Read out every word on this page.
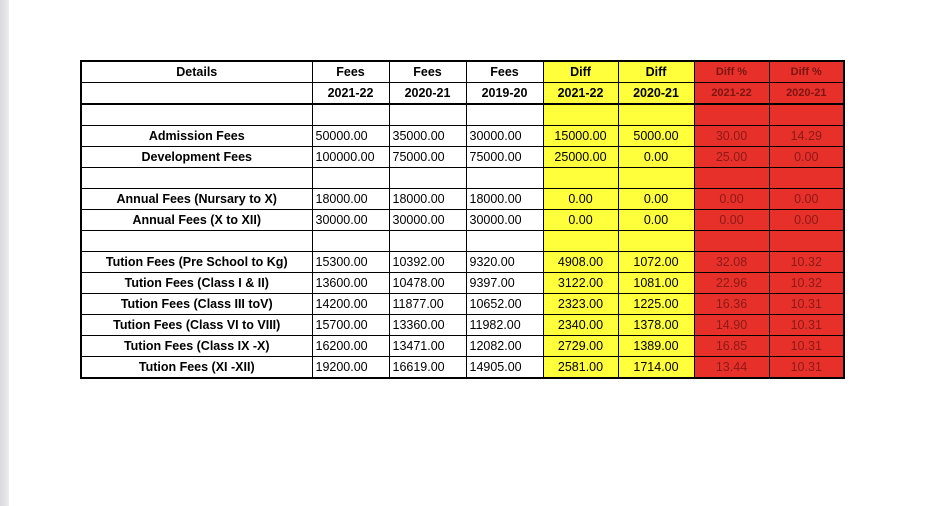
Details	Fees	Fees	Fees	Diff	Diff	Diff %	Diff %
	2021-22	2020-21	2019-20	2021-22	2020-21	2021-22	2020-21

Admission Fees	50000.00	35000.00	30000.00	15000.00	5000.00	30.00	14.29
Development Fees	100000.00	75000.00	75000.00	25000.00	0.00	25.00	0.00

Annual Fees (Nursary to X)	18000.00	18000.00	18000.00	0.00	0.00	0.00	0.00
Annual Fees (X to XII)	30000.00	30000.00	30000.00	0.00	0.00	0.00	0.00

Tution Fees (Pre School to Kg)	15300.00	10392.00	9320.00	4908.00	1072.00	32.08	10.32
Tution Fees (Class I & II)	13600.00	10478.00	9397.00	3122.00	1081.00	22.96	10.32
Tution Fees (Class III toV)	14200.00	11877.00	10652.00	2323.00	1225.00	16.36	10.31
Tution Fees (Class VI to VIII)	15700.00	13360.00	11982.00	2340.00	1378.00	14.90	10.31
Tution Fees (Class IX -X)	16200.00	13471.00	12082.00	2729.00	1389.00	16.85	10.31
Tution Fees (XI -XII)	19200.00	16619.00	14905.00	2581.00	1714.00	13.44	10.31
